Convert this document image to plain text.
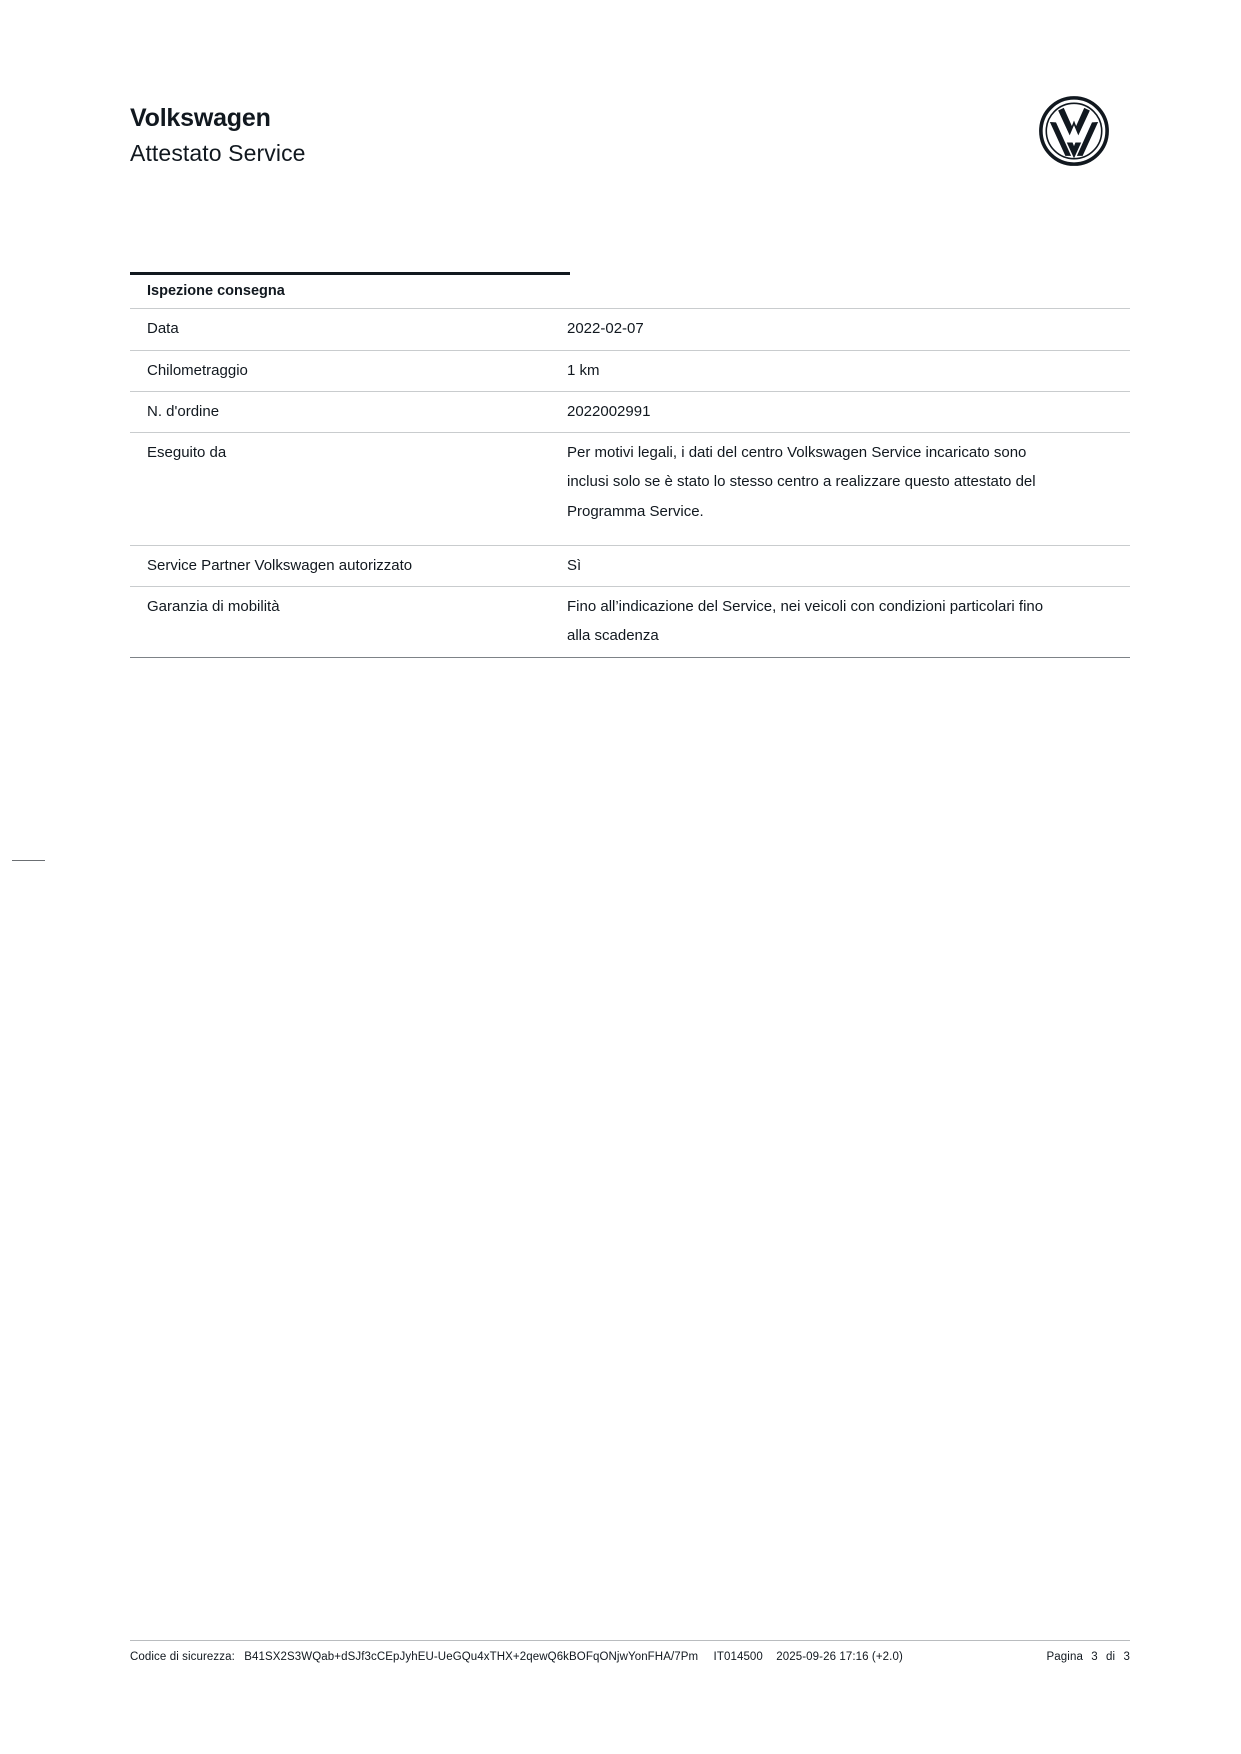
Volkswagen
Attestato Service
Ispezione consegna
Data	2022-02-07
Chilometraggio	1 km
N. d'ordine	2022002991
Eseguito da	Per motivi legali, i dati del centro Volkswagen Service incaricato sono

inclusi solo se è stato lo stesso centro a realizzare questo attestato del

Programma Service.

Service Partner Volkswagen autorizzato	Sì
Garanzia di mobilità	Fino all’indicazione del Service, nei veicoli con condizioni particolari fino

alla scadenza

Codice di sicurezza: B41SX2S3WQab+dSJf3cCEpJyhEU-UeGQu4xTHX+2qewQ6kBOFqONjwYonFHA/7Pm IT014500 2025-09-26 17:16 (+2.0)	Pagina 3 di 3
